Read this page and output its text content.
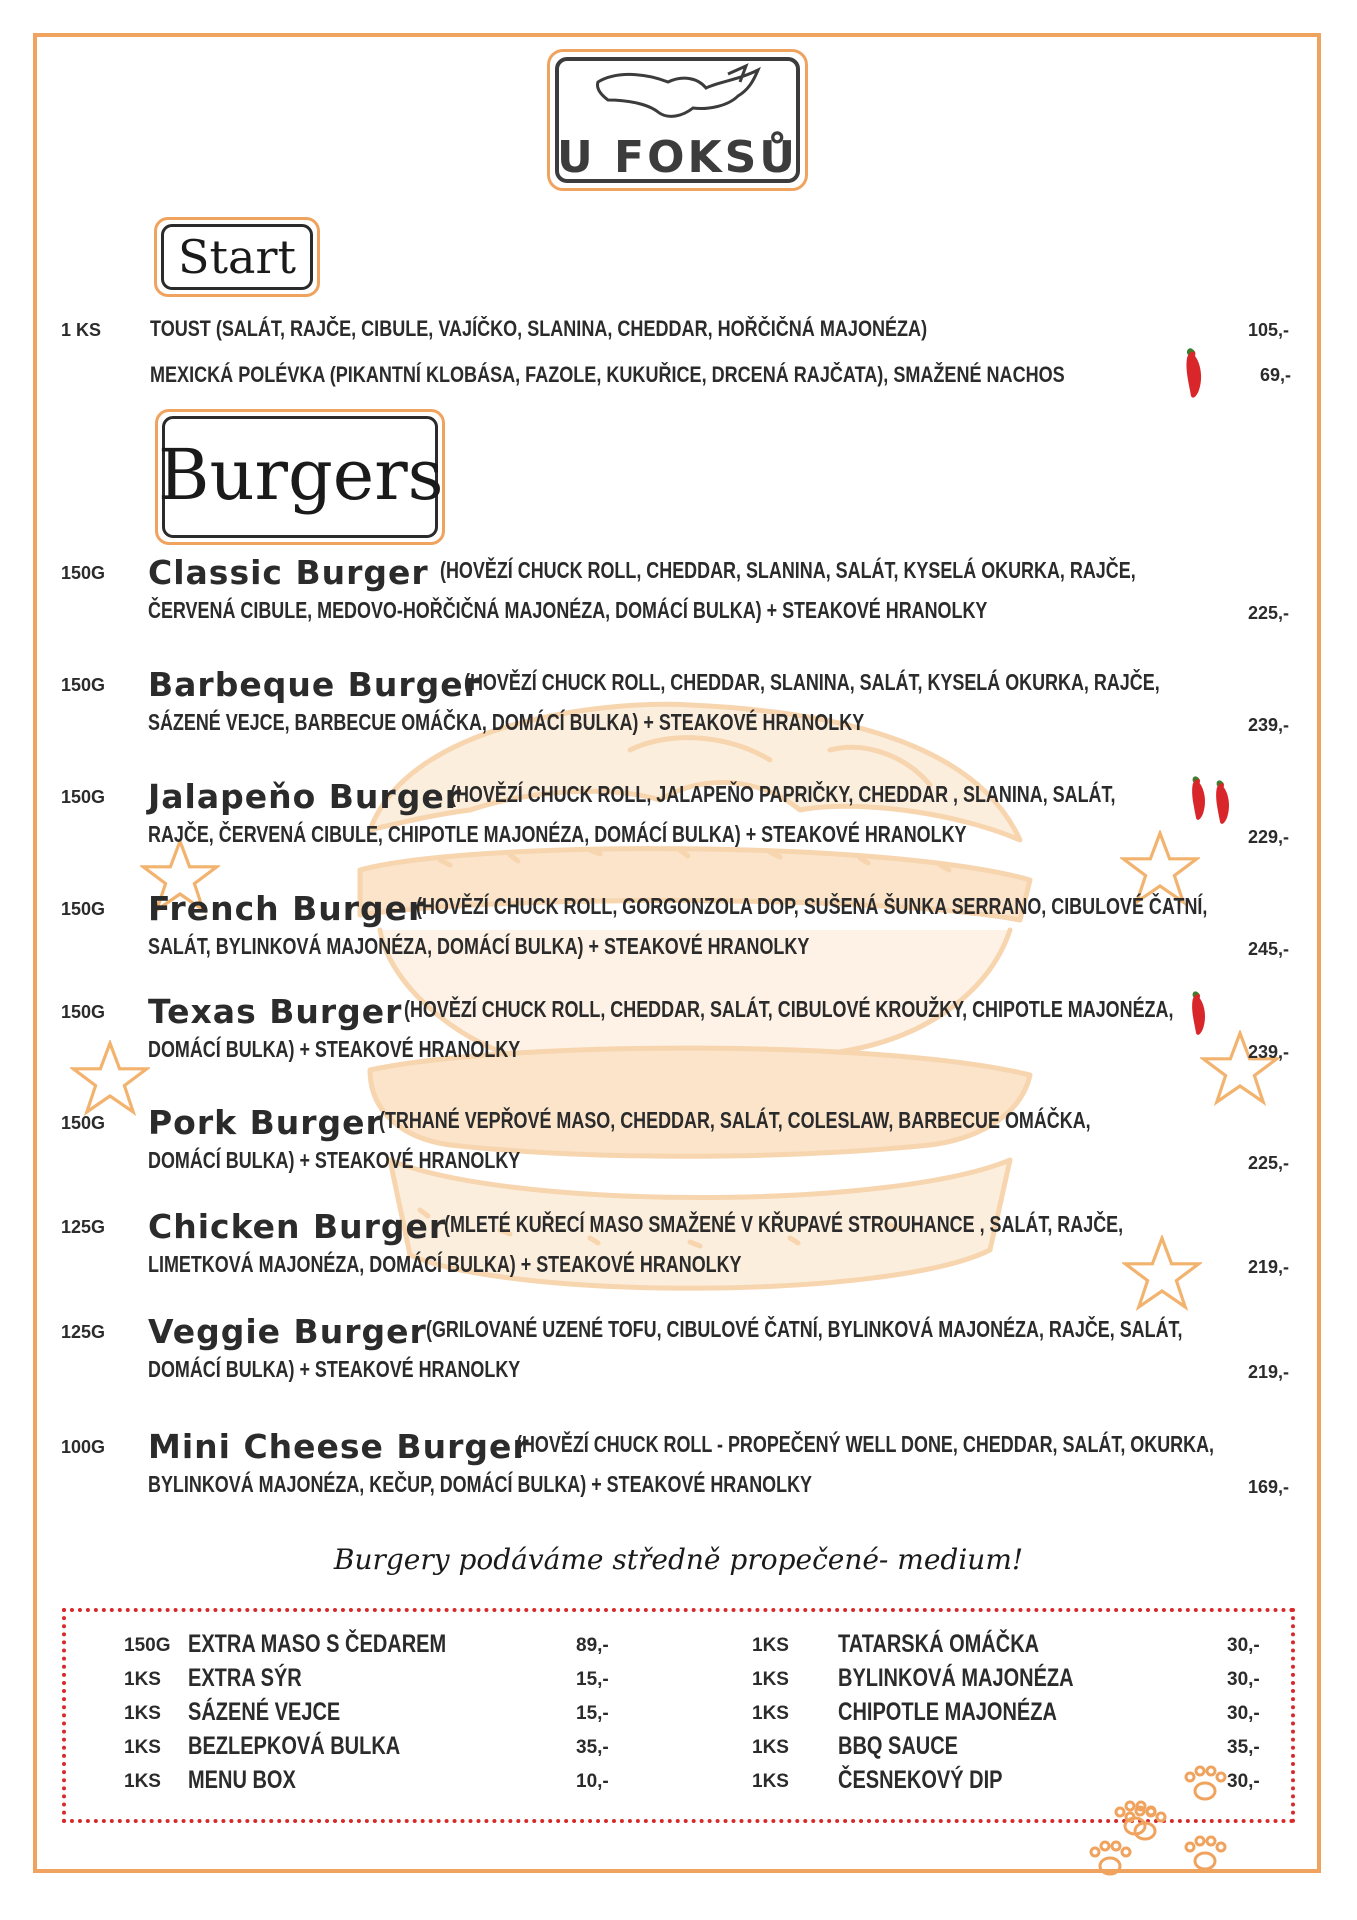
U FOKSŮ
Start
1 KS TOUST (SALÁT, RAJČE, CIBULE, VAJÍČKO, SLANINA, CHEDDAR, HOŘČIČNÁ MAJONÉZA)	105,-
MEXICKÁ POLÉVKA (PIKANTNÍ KLOBÁSA, FAZOLE, KUKUŘICE, DRCENÁ RAJČATA), SMAŽENÉ NACHOS	69,-
Burgers
150G Classic Burger (HOVĚZÍ CHUCK ROLL, CHEDDAR, SLANINA, SALÁT, KYSELÁ OKURKA, RAJČE,
ČERVENÁ CIBULE, MEDOVO-HOŘČIČNÁ MAJONÉZA, DOMÁCÍ BULKA) + STEAKOVÉ HRANOLKY	225,-
150G Barbeque Burger
(HOVĚZÍ CHUCK ROLL, CHEDDAR, SLANINA, SALÁT, KYSELÁ OKURKA, RAJČE,
SÁZENÉ VEJCE, BARBECUE OMÁČKA, DOMÁCÍ BULKA) + STEAKOVÉ HRANOLKY	239,-
150G Jalapeňo Burger
(HOVĚZÍ CHUCK ROLL, JALAPEŇO PAPRIČKY, CHEDDAR , SLANINA, SALÁT,
RAJČE, ČERVENÁ CIBULE, CHIPOTLE MAJONÉZA, DOMÁCÍ BULKA) + STEAKOVÉ HRANOLKY	229,-
150G French Burger
(HOVĚZÍ CHUCK ROLL, GORGONZOLA DOP, SUŠENÁ ŠUNKA SERRANO, CIBULOVÉ ČATNÍ,
SALÁT, BYLINKOVÁ MAJONÉZA, DOMÁCÍ BULKA) + STEAKOVÉ HRANOLKY	245,-
150G Texas Burger (HOVĚZÍ CHUCK ROLL, CHEDDAR, SALÁT, CIBULOVÉ KROUŽKY, CHIPOTLE MAJONÉZA,
DOMÁCÍ BULKA) + STEAKOVÉ HRANOLKY	239,-
150G Pork Burger
(TRHANÉ VEPŘOVÉ MASO, CHEDDAR, SALÁT, COLESLAW, BARBECUE OMÁČKA,
DOMÁCÍ BULKA) + STEAKOVÉ HRANOLKY	225,-
125G Chicken Burger
(MLETÉ KUŘECÍ MASO SMAŽENÉ V KŘUPAVÉ STROUHANCE , SALÁT, RAJČE,
LIMETKOVÁ MAJONÉZA, DOMÁCÍ BULKA) + STEAKOVÉ HRANOLKY	219,-
125G Veggie Burger (GRILOVANÉ UZENÉ TOFU, CIBULOVÉ ČATNÍ, BYLINKOVÁ MAJONÉZA, RAJČE, SALÁT,
DOMÁCÍ BULKA) + STEAKOVÉ HRANOLKY	219,-
100G Mini Cheese Burger
(HOVĚZÍ CHUCK ROLL - PROPEČENÝ WELL DONE, CHEDDAR, SALÁT, OKURKA,
BYLINKOVÁ MAJONÉZA, KEČUP, DOMÁCÍ BULKA) + STEAKOVÉ HRANOLKY	169,-
Burgery podáváme středně propečené- medium!
150G EXTRA MASO S ČEDAREM	89,-
1KS EXTRA SÝR	15,-
1KS SÁZENÉ VEJCE	15,-
1KS BEZLEPKOVÁ BULKA	35,-
1KS MENU BOX	10,-
1KS TATARSKÁ OMÁČKA	30,-
1KS BYLINKOVÁ MAJONÉZA	30,-
1KS CHIPOTLE MAJONÉZA	30,-
1KS BBQ SAUCE	35,-
1KS ČESNEKOVÝ DIP	30,-
